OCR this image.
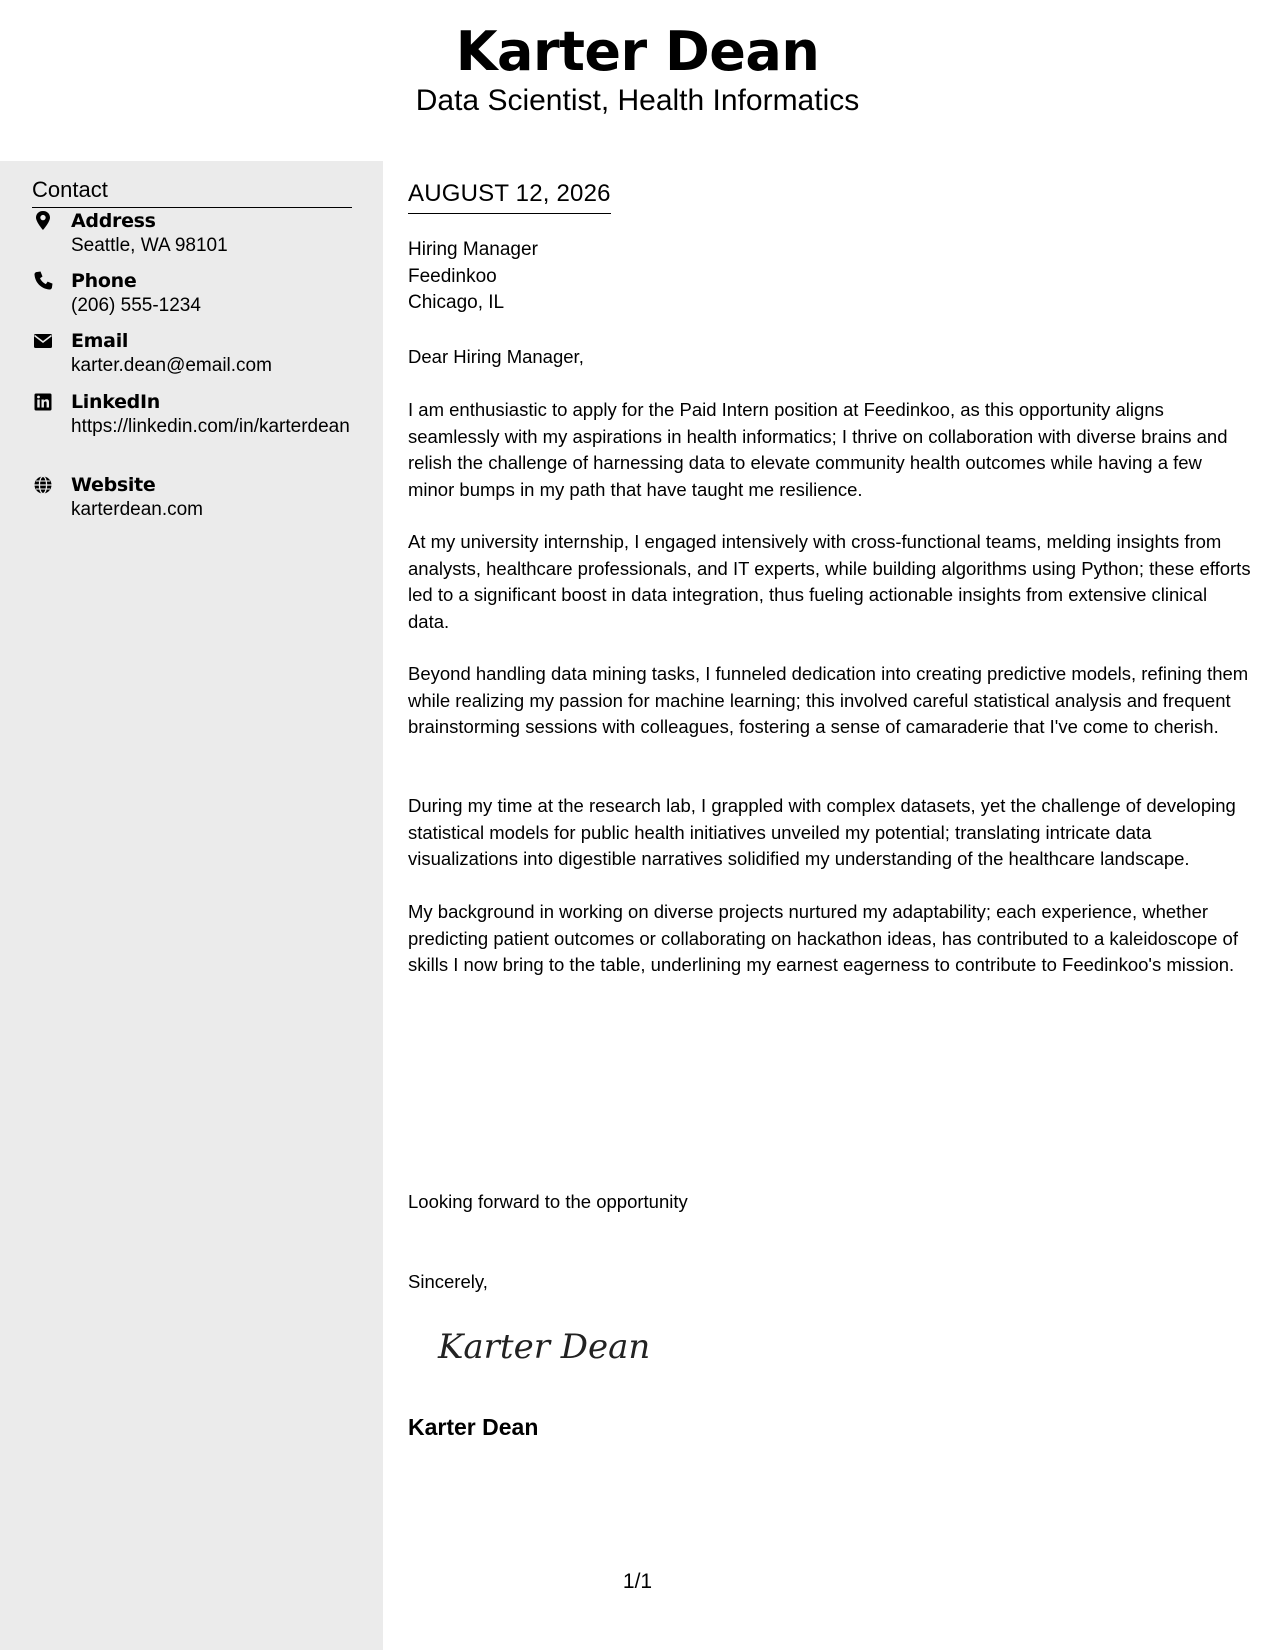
Karter Dean
Data Scientist, Health Informatics
Contact
Address
Seattle, WA 98101
Phone
(206) 555-1234
Email
karter.dean@email.com
LinkedIn
https://linkedin.com/in/karterdean
Website
karterdean.com
AUGUST 12, 2026
Hiring Manager
Feedinkoo
Chicago, IL
Dear Hiring Manager,
I am enthusiastic to apply for the Paid Intern position at Feedinkoo, as this opportunity aligns seamlessly with my aspirations in health informatics; I thrive on collaboration with diverse brains and relish the challenge of harnessing data to elevate community health outcomes while having a few minor bumps in my path that have taught me resilience.
At my university internship, I engaged intensively with cross-functional teams, melding insights from analysts, healthcare professionals, and IT experts, while building algorithms using Python; these efforts led to a significant boost in data integration, thus fueling actionable insights from extensive clinical data.
Beyond handling data mining tasks, I funneled dedication into creating predictive models, refining them while realizing my passion for machine learning; this involved careful statistical analysis and frequent brainstorming sessions with colleagues, fostering a sense of camaraderie that I've come to cherish.
During my time at the research lab, I grappled with complex datasets, yet the challenge of developing statistical models for public health initiatives unveiled my potential; translating intricate data visualizations into digestible narratives solidified my understanding of the healthcare landscape.
My background in working on diverse projects nurtured my adaptability; each experience, whether predicting patient outcomes or collaborating on hackathon ideas, has contributed to a kaleidoscope of skills I now bring to the table, underlining my earnest eagerness to contribute to Feedinkoo's mission.
Looking forward to the opportunity
Sincerely,
Karter Dean
Karter Dean
1/1
